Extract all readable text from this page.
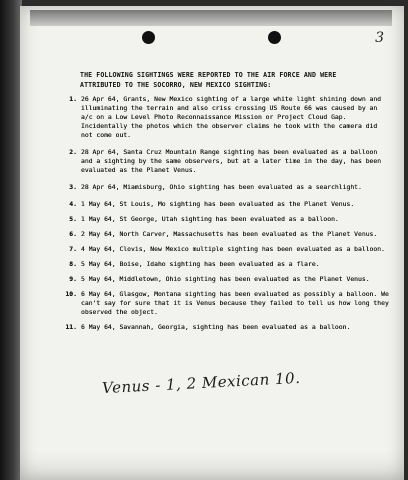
3
THE FOLLOWING SIGHTINGS WERE REPORTED TO THE AIR FORCE AND WERE ATTRIBUTED TO THE SOCORRO, NEW MEXICO SIGHTING:
1. 26 Apr 64, Grants, New Mexico sighting of a large white light shining down and illuminating the terrain and also criss crossing US Route 66 was caused by an a/c on a Low Level Photo Reconnaissance Mission or Project Cloud Gap. Incidentally the photos which the observer claims he took with the camera did not come out.
2. 28 Apr 64, Santa Cruz Mountain Range sighting has been evaluated as a balloon and a sighting by the same observers, but at a later time in the day, has been evaluated as the Planet Venus.
3. 28 Apr 64, Miamisburg, Ohio sighting has been evaluated as a searchlight.
4. 1 May 64, St Louis, Mo sighting has been evaluated as the Planet Venus.
5. 1 May 64, St George, Utah sighting has been evaluated as a balloon.
6. 2 May 64, North Carver, Massachusetts has been evaluated as the Planet Venus.
7. 4 May 64, Clovis, New Mexico multiple sighting has been evaluated as a balloon.
8. 5 May 64, Boise, Idaho sighting has been evaluated as a flare.
9. 5 May 64, Middletown, Ohio sighting has been evaluated as the Planet Venus.
10. 6 May 64, Glasgow, Montana sighting has been evaluated as possibly a balloon. We can't say for sure that it is Venus because they failed to tell us how long they observed the object.
11. 6 May 64, Savannah, Georgia, sighting has been evaluated as a balloon.
Venus - 1, 2 Mexican 10.
